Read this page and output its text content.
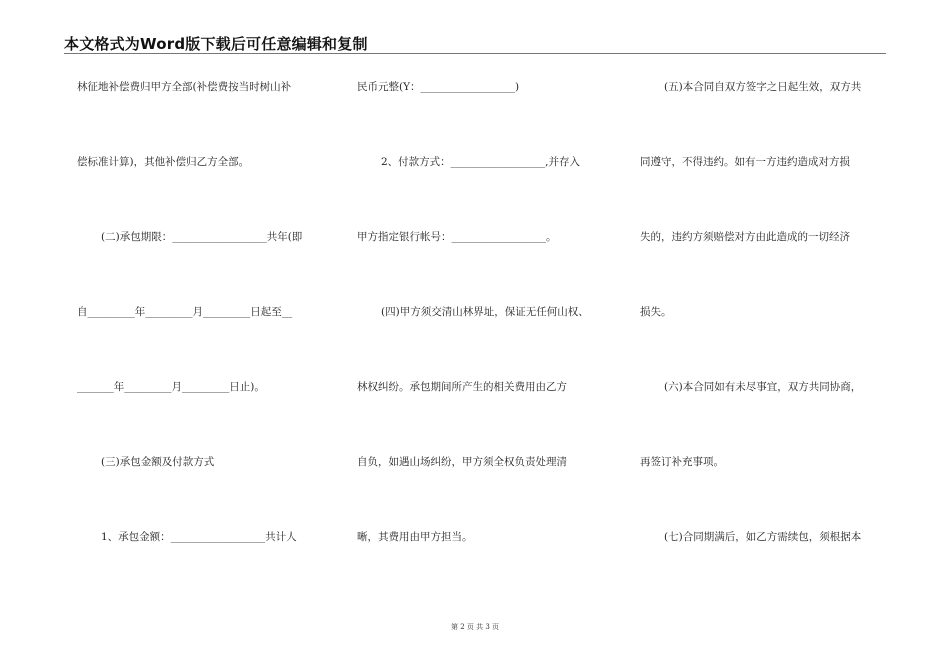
本文格式为Word版下载后可任意编辑和复制
林征地补偿费归甲方全部(补偿费按当时树山补
偿标准计算)，其他补偿归乙方全部。
(二)承包期限：__________________共年(即
自_________年_________月_________日起至__
_______年_________月_________日止)。
(三)承包金额及付款方式
1、承包金额：__________________共计人
民币元整(Y：__________________)
2、付款方式：__________________,并存入
甲方指定银行帐号：__________________。
(四)甲方须交清山林界址，保证无任何山权、
林权纠纷。承包期间所产生的相关费用由乙方
自负，如遇山场纠纷，甲方须全权负责处理清
晰，其费用由甲方担当。
(五)本合同自双方签字之日起生效，双方共
同遵守，不得违约。如有一方违约造成对方损
失的，违约方须赔偿对方由此造成的一切经济
损失。
(六)本合同如有未尽事宜，双方共同协商，
再签订补充事项。
(七)合同期满后，如乙方需续包，须根据本
第 2 页 共 3 页
